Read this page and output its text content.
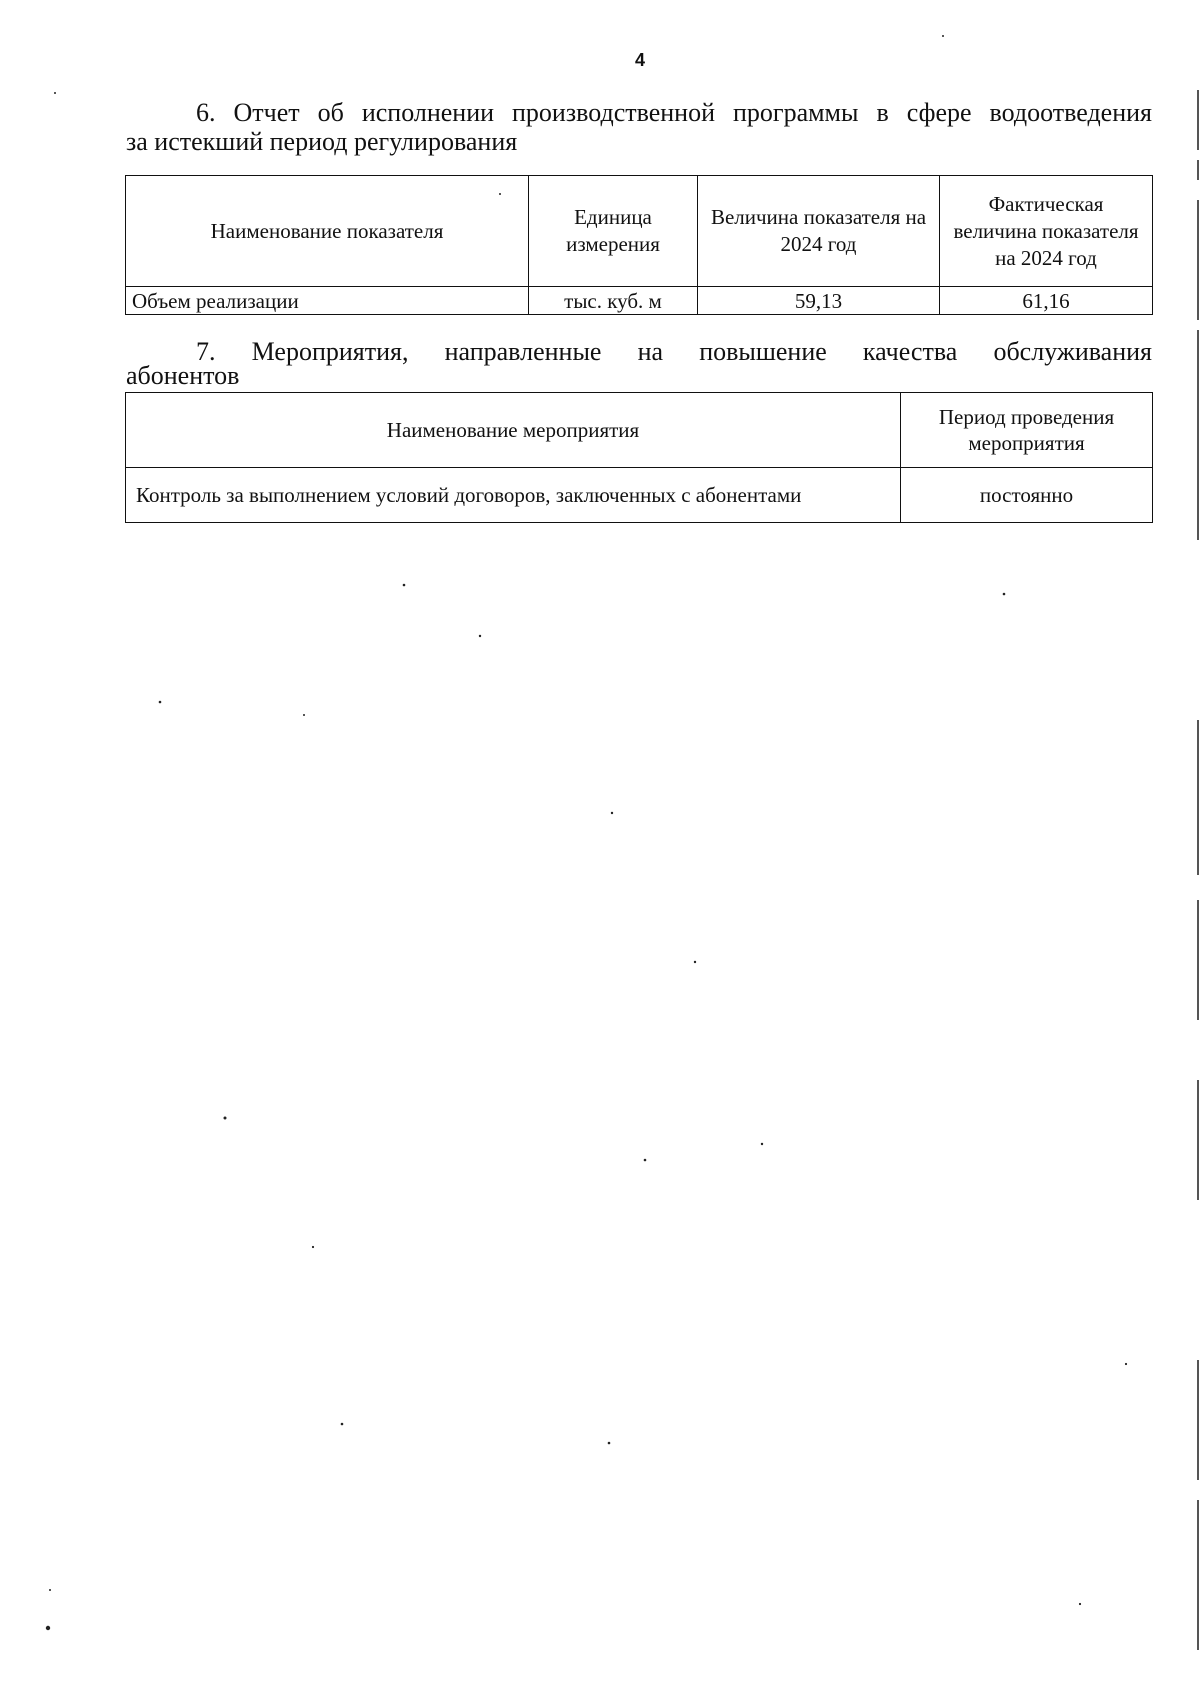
4
6. Отчет об исполнении производственной программы в сфере водоотведения
за истекший период регулирования
Наименование показателя	Единица измерения	Величина показателя на 2024 год	Фактическая величина показателя на 2024 год
Объем реализации	тыс. куб. м	59,13	61,16
7. Мероприятия, направленные на повышение качества обслуживания
абонентов
Наименование мероприятия	Период проведения мероприятия
Контроль за выполнением условий договоров, заключенных с абонентами	постоянно
